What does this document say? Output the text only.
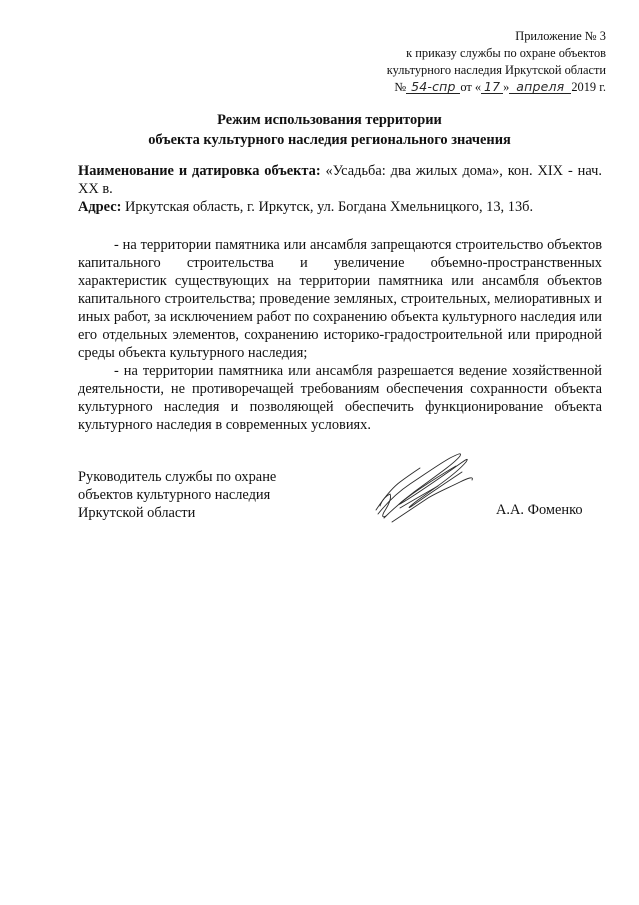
Приложение № 3
к приказу службы по охране объектов
культурного наследия Иркутской области
№ 54-спр от « 17 » апреля 2019 г.
Режим использования территории
объекта культурного наследия регионального значения

Наименование и датировка объекта: «Усадьба: два жилых дома», кон. XIX - нач. XX в.

Адрес: Иркутская область, г. Иркутск, ул. Богдана Хмельницкого, 13, 13б.

- на территории памятника или ансамбля запрещаются строительство объектов капитального строительства и увеличение объемно-пространственных характеристик существующих на территории памятника или ансамбля объектов капитального строительства; проведение земляных, строительных, мелиоративных и иных работ, за исключением работ по сохранению объекта культурного наследия или его отдельных элементов, сохранению историко-градостроительной или природной среды объекта культурного наследия;

- на территории памятника или ансамбля разрешается ведение хозяйственной деятельности, не противоречащей требованиям обеспечения сохранности объекта культурного наследия и позволяющей обеспечить функционирование объекта культурного наследия в современных условиях.

Руководитель службы по охране
объектов культурного наследия
Иркутской области	А.А. Фоменко
